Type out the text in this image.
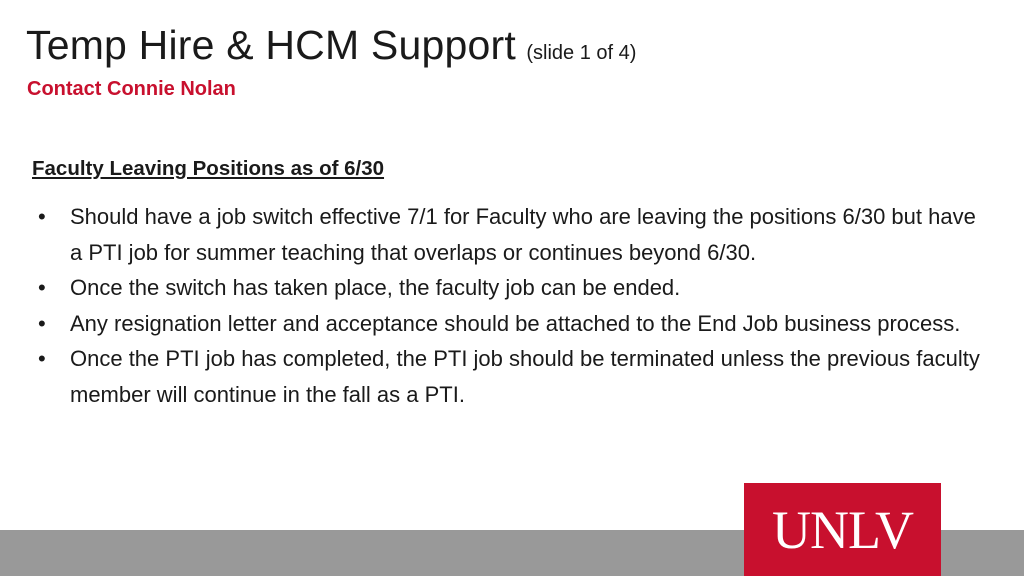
Temp Hire & HCM Support (slide 1 of 4)
Contact Connie Nolan
Faculty Leaving Positions as of 6/30
• Should have a job switch effective 7/1 for Faculty who are leaving the positions 6/30 but have a PTI job for summer teaching that overlaps or continues beyond 6/30.
• Once the switch has taken place, the faculty job can be ended.
• Any resignation letter and acceptance should be attached to the End Job business process.
• Once the PTI job has completed, the PTI job should be terminated unless the previous faculty member will continue in the fall as a PTI.
UNLV
